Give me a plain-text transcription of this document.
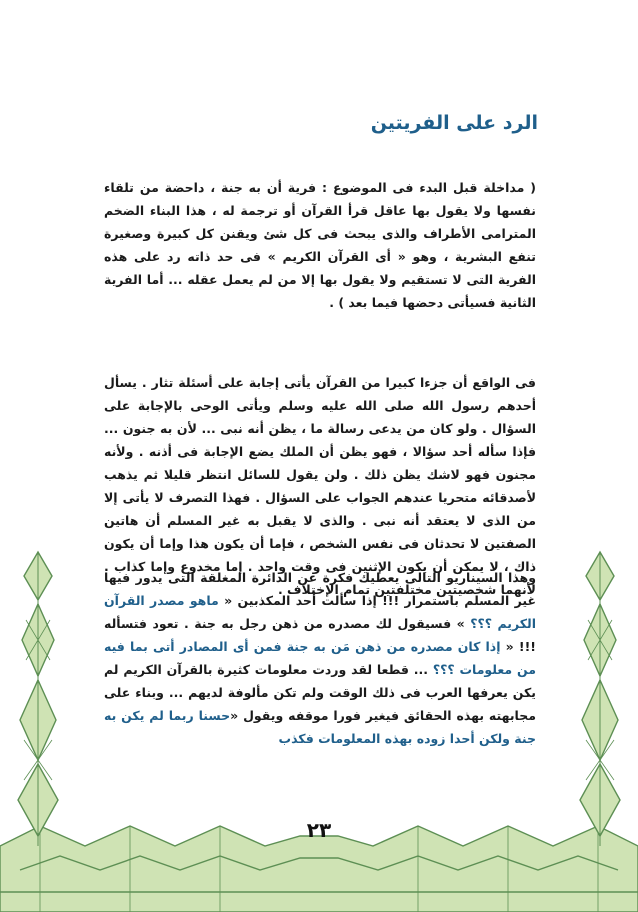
الرد على الفريتين

( مداخلة قبل البدء فى الموضوع : فرية أن به جنة ، داحضة من تلقاء نفسها ولا يقول بها عاقل قرأ القرآن أو ترجمة له ، هذا البناء الضخم المترامى الأطراف والذى يبحث فى كل شئ ويقنن كل كبيرة وصغيرة تنفع البشرية ، وهو « أى القرآن الكريم » فى حد ذاته رد على هذه الفرية التى لا تستقيم ولا يقول بها إلا من لم يعمل عقله ... أما الفرية الثانية فسيأتى دحضها فيما بعد ) .

فى الواقع أن جزءا كبيرا من القرآن يأتى إجابة على أسئلة تثار . يسأل أحدهم رسول الله صلى الله عليه وسلم ويأتى الوحى بالإجابة على السؤال . ولو كان من يدعى رسالة ما ، يظن أنه نبى ... لأن به جنون ... فإذا سأله أحد سؤالا ، فهو يظن أن الملك يضع الإجابة فى أذنه . ولأنه مجنون فهو لاشك يظن ذلك . ولن يقول للسائل انتظر قليلا ثم يذهب لأصدقائه متحريا عندهم الجواب على السؤال . فهذا التصرف لا يأتى إلا من الذى لا يعتقد أنه نبى . والذى لا يقبل به غير المسلم أن هاتين الصفتين لا تحدثان فى نفس الشخص ، فإما أن يكون هذا وإما أن يكون ذاك ، لا يمكن أن يكون الإثنين فى وقت واحد . إما مخدوع وإما كذاب . لأنهما شخصيتين مختلفتين تمام الإختلاف .

وهذا السيناريو التالى يعطيك فكرة عن الدائرة المغلقة التى يدور فيها غير المسلم باستمرار !!! إذا سألت أحد المكذبين « ماهو مصدر القرآن الكريم ؟؟؟ » فسيقول لك مصدره من ذهن رجل به جنة . تعود فتسأله !!! « إذا كان مصدره من ذهن مَن به جنة فمن أى المصادر أتى بما فيه من معلومات ؟؟؟ ... قطعا لقد وردت معلومات كثيرة بالقرآن الكريم لم يكن يعرفها العرب فى ذلك الوقت ولم تكن مألوفة لديهم ... وبناء على مجابهته بهذه الحقائق فيغير فورا موقفه ويقول «حسنا ربما لم يكن به جنة ولكن أحدا زوده بهذه المعلومات فكذب

٢٣
